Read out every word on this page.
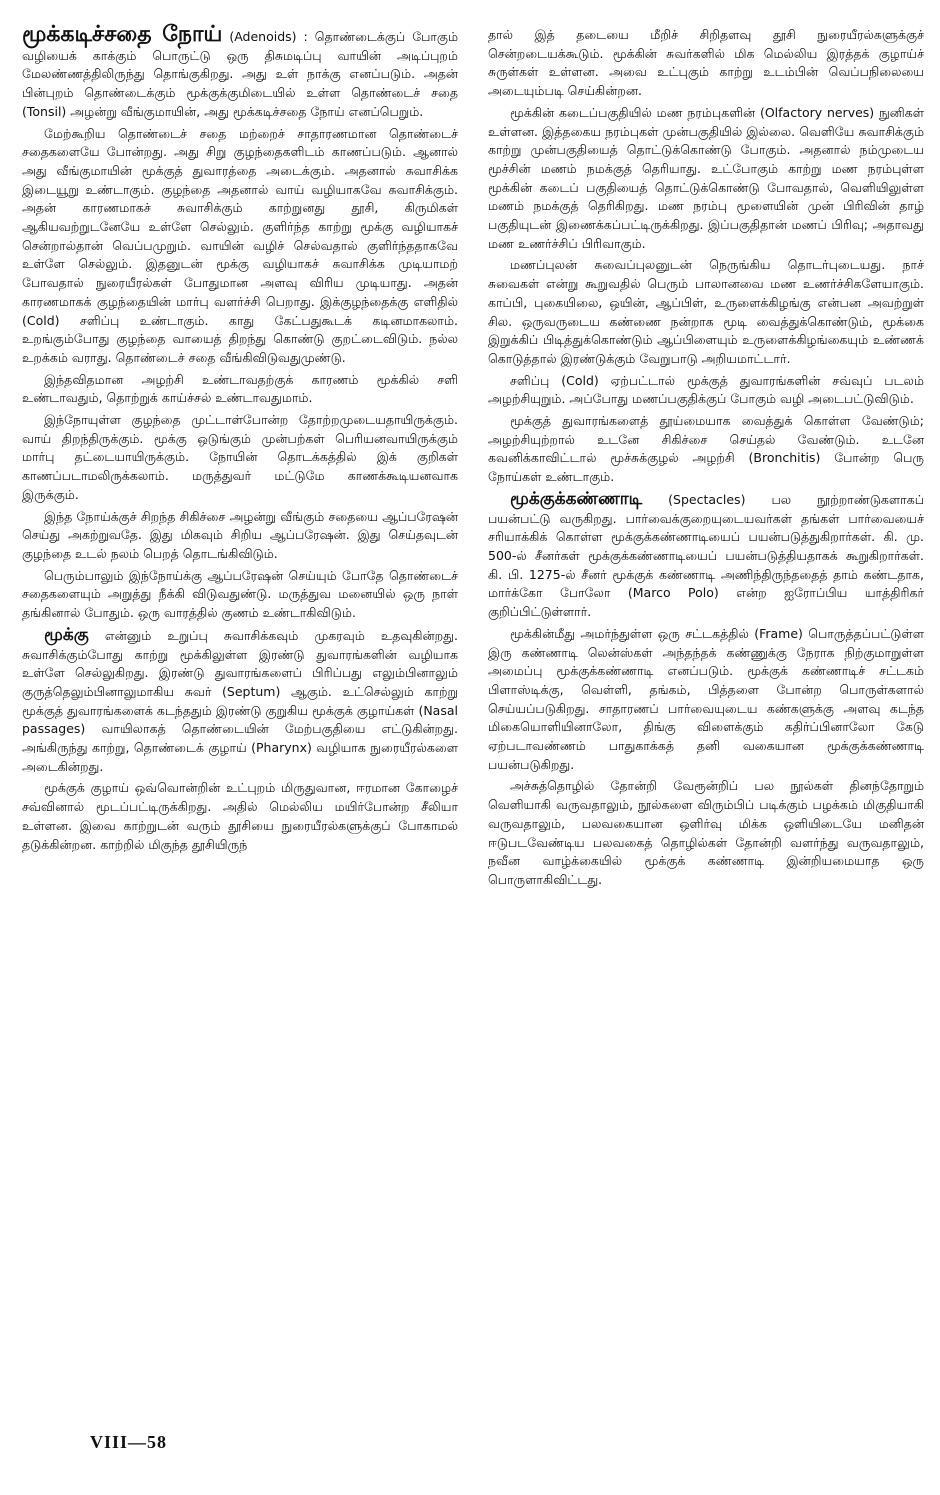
மூக்கடிச்சதை நோய் (Adenoids) : தொண்டைக்குப் போகும் வழியைக் காக்கும் பொருட்டு ஒரு திசுமடிப்பு வாயின் அடிப்புறம் மேலண்ணத்திலிருந்து தொங்குகிறது. அது உள் நாக்கு எனப்படும். அதன் பின்புறம் தொண்டைக்கும் மூக்குக்குமிடையில் உள்ள தொண்டைச் சதை (Tonsil) அழன்று வீங்குமாயின், அது மூக்கடிச்சதை நோய் எனப்பெறும்.

மேற்கூறிய தொண்டைச் சதை மற்றைச் சாதாரணமான தொண்டைச் சதைகளையே போன்றது. அது சிறு குழந்தைகளிடம் காணப்படும். ஆனால் அது வீங்குமாயின் மூக்குத் துவாரத்தை அடைக்கும். அதனால் சுவாசிக்க இடையூறு உண்டாகும். குழந்தை அதனால் வாய் வழியாகவே சுவாசிக்கும். அதன் காரணமாகச் சுவாசிக்கும் காற்றுனது தூசி, கிருமிகள் ஆகியவற்றுடனேயே உள்ளே செல்லும். குளிர்ந்த காற்று மூக்கு வழியாகச் சென்றால்தான் வெப்பமுறும். வாயின் வழிச் செல்வதால் குளிர்ந்ததாகவே உள்ளே செல்லும். இதனுடன் மூக்கு வழியாகச் சுவாசிக்க முடியாமற் போவதால் நுரையீரல்கள் போதுமான அளவு விரிய முடியாது. அதன் காரணமாகக் குழந்தையின் மார்பு வளர்ச்சி பெறாது. இக்குழந்தைக்கு எளிதில் (Cold) சளிப்பு உண்டாகும். காது கேட்பதுகூடக் கடினமாகலாம். உறங்கும்போது குழந்தை வாயைத் திறந்து கொண்டு குறட்டைவிடும். நல்ல உறக்கம் வராது. தொண்டைச் சதை வீங்கிவிடுவதுமுண்டு.

இந்தவிதமான அழற்சி உண்டாவதற்குக் காரணம் மூக்கில் சளி உண்டாவதும், தொற்றுக் காய்ச்சல் உண்டாவதுமாம்.

இந்நோயுள்ள குழந்தை முட்டாள்போன்ற தோற்றமுடையதாயிருக்கும். வாய் திறந்திருக்கும். மூக்கு ஒடுங்கும் முன்பற்கள் பெரியனவாயிருக்கும் மார்பு தட்டையாயிருக்கும். நோயின் தொடக்கத்தில் இக் குறிகள் காணப்படாமலிருக்கலாம். மருத்துவர் மட்டுமே காணக்கூடியனவாக இருக்கும்.

இந்த நோய்க்குச் சிறந்த சிகிச்சை அழன்று வீங்கும் சதையை ஆப்பரேஷன் செய்து அகற்றுவதே. இது மிகவும் சிறிய ஆப்பரேஷன். இது செய்தவுடன் குழந்தை உடல் நலம் பெறத் தொடங்கிவிடும்.

பெரும்பாலும் இந்நோய்க்கு ஆப்பரேஷன் செய்யும் போதே தொண்டைச் சதைகளையும் அறுத்து நீக்கி விடுவதுண்டு. மருத்துவ மனையில் ஒரு நாள் தங்கினால் போதும். ஒரு வாரத்தில் குணம் உண்டாகிவிடும்.

மூக்கு என்னும் உறுப்பு சுவாசிக்கவும் முகரவும் உதவுகின்றது. சுவாசிக்கும்போது காற்று மூக்கிலுள்ள இரண்டு துவாரங்களின் வழியாக உள்ளே செல்லுகிறது. இரண்டு துவாரங்களைப் பிரிப்பது எலும்பினாலும் குருத்தெலும்பினாலுமாகிய சுவர் (Septum) ஆகும். உட்செல்லும் காற்று மூக்குத் துவாரங்களைக் கடந்ததும் இரண்டு குறுகிய மூக்குக் குழாய்கள் (Nasal passages) வாயிலாகத் தொண்டையின் மேற்பகுதியை எட்டுகின்றது. அங்கிருந்து காற்று, தொண்டைக் குழாய் (Pharynx) வழியாக நுரையீரல்களை அடைகின்றது.

மூக்குக் குழாய் ஒவ்வொன்றின் உட்புறம் மிருதுவான, ஈரமான கோழைச் சவ்வினால் மூடப்பட்டிருக்கிறது. அதில் மெல்லிய மயிர்போன்ற சீலியா உள்ளன. இவை காற்றுடன் வரும் தூசியை நுரையீரல்களுக்குப் போகாமல் தடுக்கின்றன. காற்றில் மிகுந்த தூசியிருந்

தால் இத் தடையை மீறிச் சிறிதளவு தூசி நுரையீரல்களுக்குச் சென்றடையக்கூடும். மூக்கின் சுவர்களில் மிக மெல்லிய இரத்தக் குழாய்ச் சுருள்கள் உள்ளன. அவை உட்புகும் காற்று உடம்பின் வெப்பநிலையை அடையும்படி செய்கின்றன.

மூக்கின் கடைப்பகுதியில் மண நரம்புகளின் (Olfactory nerves) நுனிகள் உள்ளன. இத்தகைய நரம்புகள் முன்பகுதியில் இல்லை. வெளியே சுவாசிக்கும் காற்று முன்பகுதியைத் தொட்டுக்கொண்டு போகும். அதனால் நம்முடைய மூச்சின் மணம் நமக்குத் தெரியாது. உட்போகும் காற்று மண நரம்புள்ள மூக்கின் கடைப் பகுதியைத் தொட்டுக்கொண்டு போவதால், வெளியிலுள்ள மணம் நமக்குத் தெரிகிறது. மண நரம்பு மூளையின் முன் பிரிவின் தாழ் பகுதியுடன் இணைக்கப்பட்டிருக்கிறது. இப்பகுதிதான் மணப் பிரிவு; அதாவது மண உணர்ச்சிப் பிரிவாகும்.

மணப்புலன் சுவைப்புலனுடன் நெருங்கிய தொடர்புடையது. நாச் சுவைகள் என்று கூறுவதில் பெரும் பாலானவை மண உணர்ச்சிகளேயாகும். காப்பி, புகையிலை, ஒயின், ஆப்பிள், உருளைக்கிழங்கு என்பன அவற்றுள் சில. ஒருவருடைய கண்ணை நன்றாக மூடி வைத்துக்கொண்டும், மூக்கை இறுக்கிப் பிடித்துக்கொண்டும் ஆப்பிளையும் உருளைக்கிழங்கையும் உண்ணக் கொடுத்தால் இரண்டுக்கும் வேறுபாடு அறியமாட்டார்.

சளிப்பு (Cold) ஏற்பட்டால் மூக்குத் துவாரங்களின் சவ்வுப் படலம் அழற்சியுறும். அப்போது மணப்பகுதிக்குப் போகும் வழி அடைபட்டுவிடும்.

மூக்குத் துவாரங்களைத் தூய்மையாக வைத்துக் கொள்ள வேண்டும்; அழற்சியுற்றால் உடனே சிகிச்சை செய்தல் வேண்டும். உடனே கவனிக்காவிட்டால் மூச்சுக்குழல் அழற்சி (Bronchitis) போன்ற பெரு நோய்கள் உண்டாகும்.

மூக்குக்கண்ணாடி (Spectacles) பல நூற்றாண்டுகளாகப் பயன்பட்டு வருகிறது. பார்வைக்குறையுடையவர்கள் தங்கள் பார்வையைச் சரியாக்கிக் கொள்ள மூக்குக்கண்ணாடியைப் பயன்படுத்துகிறார்கள். கி. மு. 500-ல் சீனர்கள் மூக்குக்கண்ணாடியைப் பயன்படுத்தியதாகக் கூறுகிறார்கள். கி. பி. 1275-ல் சீனர் மூக்குக் கண்ணாடி அணிந்திருந்ததைத் தாம் கண்டதாக, மார்க்கோ போலோ (Marco Polo) என்ற ஐரோப்பிய யாத்திரிகர் குறிப்பிட்டுள்ளார்.

மூக்கின்மீது அமர்ந்துள்ள ஒரு சட்டகத்தில் (Frame) பொருத்தப்பட்டுள்ள இரு கண்ணாடி லென்ஸ்கள் அந்தந்தக் கண்ணுக்கு நேராக நிற்குமாறுள்ள அமைப்பு மூக்குக்கண்ணாடி எனப்படும். மூக்குக் கண்ணாடிச் சட்டகம் பிளாஸ்டிக்கு, வெள்ளி, தங்கம், பித்தளை போன்ற பொருள்களால் செய்யப்படுகிறது. சாதாரணப் பார்வையுடைய கண்களுக்கு அளவு கடந்த மிகையொளியினாலோ, திங்கு விளைக்கும் கதிர்ப்பினாலோ கேடு ஏற்படாவண்ணம் பாதுகாக்கத் தனி வகையான மூக்குக்கண்ணாடி பயன்படுகிறது.

அச்சுத்தொழில் தோன்றி வேரூன்றிப் பல நூல்கள் தினந்தோறும் வெளியாகி வருவதாலும், நூல்களை விரும்பிப் படிக்கும் பழக்கம் மிகுதியாகி வருவதாலும், பலவகையான ஒளிர்வு மிக்க ஒளியிடையே மனிதன் ஈடுபடவேண்டிய பலவகைத் தொழில்கள் தோன்றி வளர்ந்து வருவதாலும், நவீன வாழ்க்கையில் மூக்குக் கண்ணாடி இன்றியமையாத ஒரு பொருளாகிவிட்டது.

VIII—58
